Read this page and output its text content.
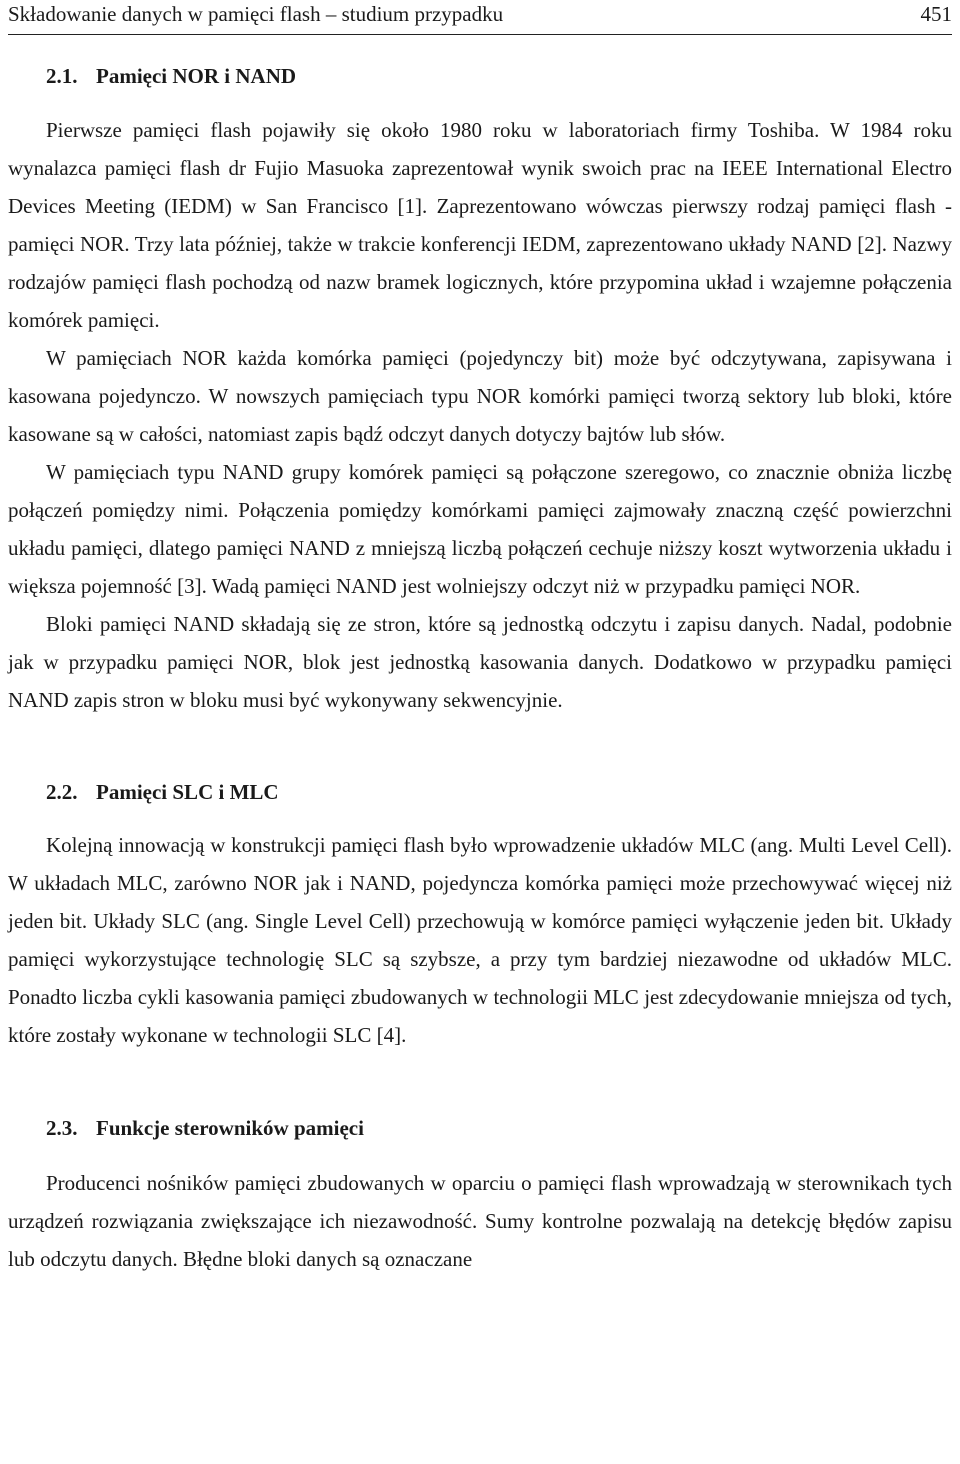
Składowanie danych w pamięci flash – studium przypadku	451
2.1. Pamięci NOR i NAND

Pierwsze pamięci flash pojawiły się około 1980 roku w laboratoriach firmy Toshiba. W 1984 roku wynalazca pamięci flash dr Fujio Masuoka zaprezentował wynik swoich prac na IEEE International Electro Devices Meeting (IEDM) w San Francisco [1]. Zaprezentowano wówczas pierwszy rodzaj pamięci flash - pamięci NOR. Trzy lata później, także w trakcie konferencji IEDM, zaprezentowano układy NAND [2]. Nazwy rodzajów pamięci flash pochodzą od nazw bramek logicznych, które przypomina układ i wzajemne połączenia komórek pamięci.

W pamięciach NOR każda komórka pamięci (pojedynczy bit) może być odczytywana, zapisywana i kasowana pojedynczo. W nowszych pamięciach typu NOR komórki pamięci tworzą sektory lub bloki, które kasowane są w całości, natomiast zapis bądź odczyt danych dotyczy bajtów lub słów.

W pamięciach typu NAND grupy komórek pamięci są połączone szeregowo, co znacznie obniża liczbę połączeń pomiędzy nimi. Połączenia pomiędzy komórkami pamięci zajmowały znaczną część powierzchni układu pamięci, dlatego pamięci NAND z mniejszą liczbą połączeń cechuje niższy koszt wytworzenia układu i większa pojemność [3]. Wadą pamięci NAND jest wolniejszy odczyt niż w przypadku pamięci NOR.

Bloki pamięci NAND składają się ze stron, które są jednostką odczytu i zapisu danych. Nadal, podobnie jak w przypadku pamięci NOR, blok jest jednostką kasowania danych. Dodatkowo w przypadku pamięci NAND zapis stron w bloku musi być wykonywany sekwencyjnie.

2.2. Pamięci SLC i MLC

Kolejną innowacją w konstrukcji pamięci flash było wprowadzenie układów MLC (ang. Multi Level Cell). W układach MLC, zarówno NOR jak i NAND, pojedyncza komórka pamięci może przechowywać więcej niż jeden bit. Układy SLC (ang. Single Level Cell) przechowują w komórce pamięci wyłączenie jeden bit. Układy pamięci wykorzystujące technologię SLC są szybsze, a przy tym bardziej niezawodne od układów MLC. Ponadto liczba cykli kasowania pamięci zbudowanych w technologii MLC jest zdecydowanie mniejsza od tych, które zostały wykonane w technologii SLC [4].

2.3. Funkcje sterowników pamięci

Producenci nośników pamięci zbudowanych w oparciu o pamięci flash wprowadzają w sterownikach tych urządzeń rozwiązania zwiększające ich niezawodność. Sumy kontrolne pozwalają na detekcję błędów zapisu lub odczytu danych. Błędne bloki danych są oznaczane
